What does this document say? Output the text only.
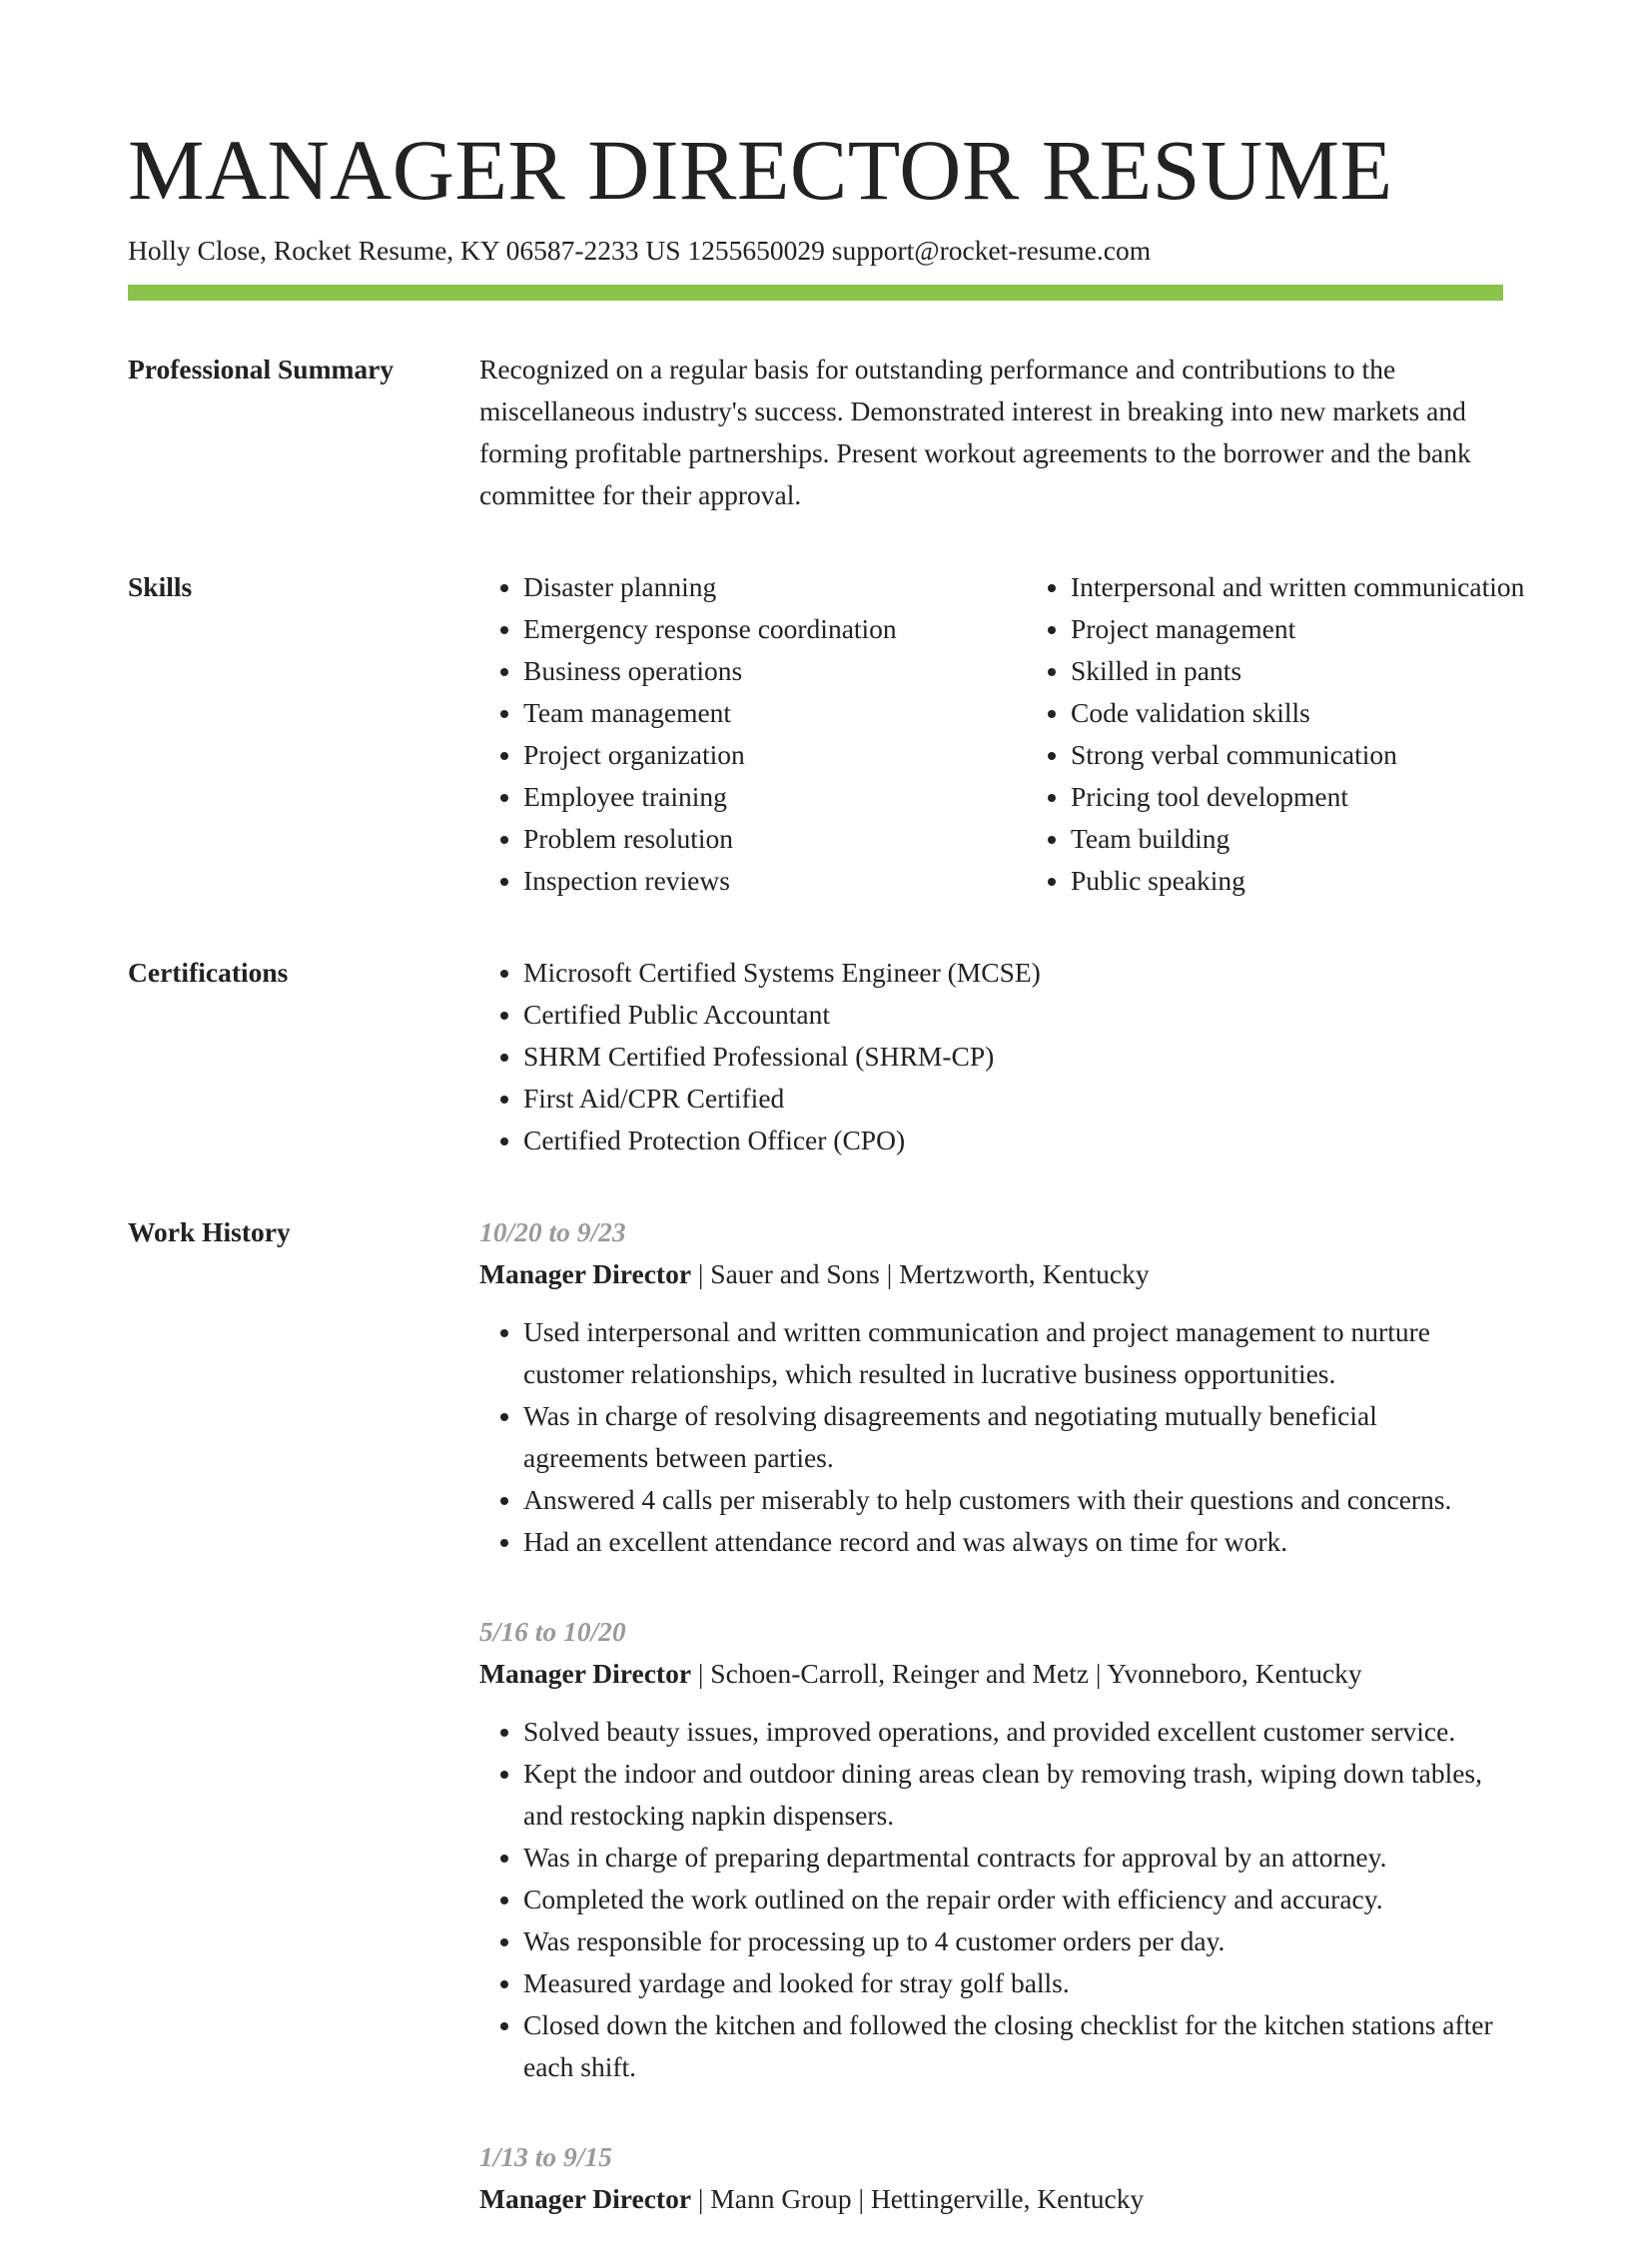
MANAGER DIRECTOR RESUME
Holly Close, Rocket Resume, KY 06587-2233 US 1255650029 support@rocket-resume.com
Professional Summary	Recognized on a regular basis for outstanding performance and contributions to the miscellaneous industry's success. Demonstrated interest in breaking into new markets and forming profitable partnerships. Present workout agreements to the borrower and the bank committee for their approval.

Skills	• Disaster planning
• Emergency response coordination
• Business operations
• Team management
• Project organization
• Employee training
• Problem resolution
• Inspection reviews
• Interpersonal and written communication
• Project management
• Skilled in pants
• Code validation skills
• Strong verbal communication
• Pricing tool development
• Team building
• Public speaking
Certifications	• Microsoft Certified Systems Engineer (MCSE)
• Certified Public Accountant
• SHRM Certified Professional (SHRM-CP)
• First Aid/CPR Certified
• Certified Protection Officer (CPO)
Work History	10/20 to 9/23
Manager Director | Sauer and Sons | Mertzworth, Kentucky
• Used interpersonal and written communication and project management to nurture customer relationships, which resulted in lucrative business opportunities.
• Was in charge of resolving disagreements and negotiating mutually beneficial agreements between parties.
• Answered 4 calls per miserably to help customers with their questions and concerns.
• Had an excellent attendance record and was always on time for work.
5/16 to 10/20
Manager Director | Schoen-Carroll, Reinger and Metz | Yvonneboro, Kentucky
• Solved beauty issues, improved operations, and provided excellent customer service.
• Kept the indoor and outdoor dining areas clean by removing trash, wiping down tables, and restocking napkin dispensers.
• Was in charge of preparing departmental contracts for approval by an attorney.
• Completed the work outlined on the repair order with efficiency and accuracy.
• Was responsible for processing up to 4 customer orders per day.
• Measured yardage and looked for stray golf balls.
• Closed down the kitchen and followed the closing checklist for the kitchen stations after each shift.
1/13 to 9/15
Manager Director | Mann Group | Hettingerville, Kentucky
